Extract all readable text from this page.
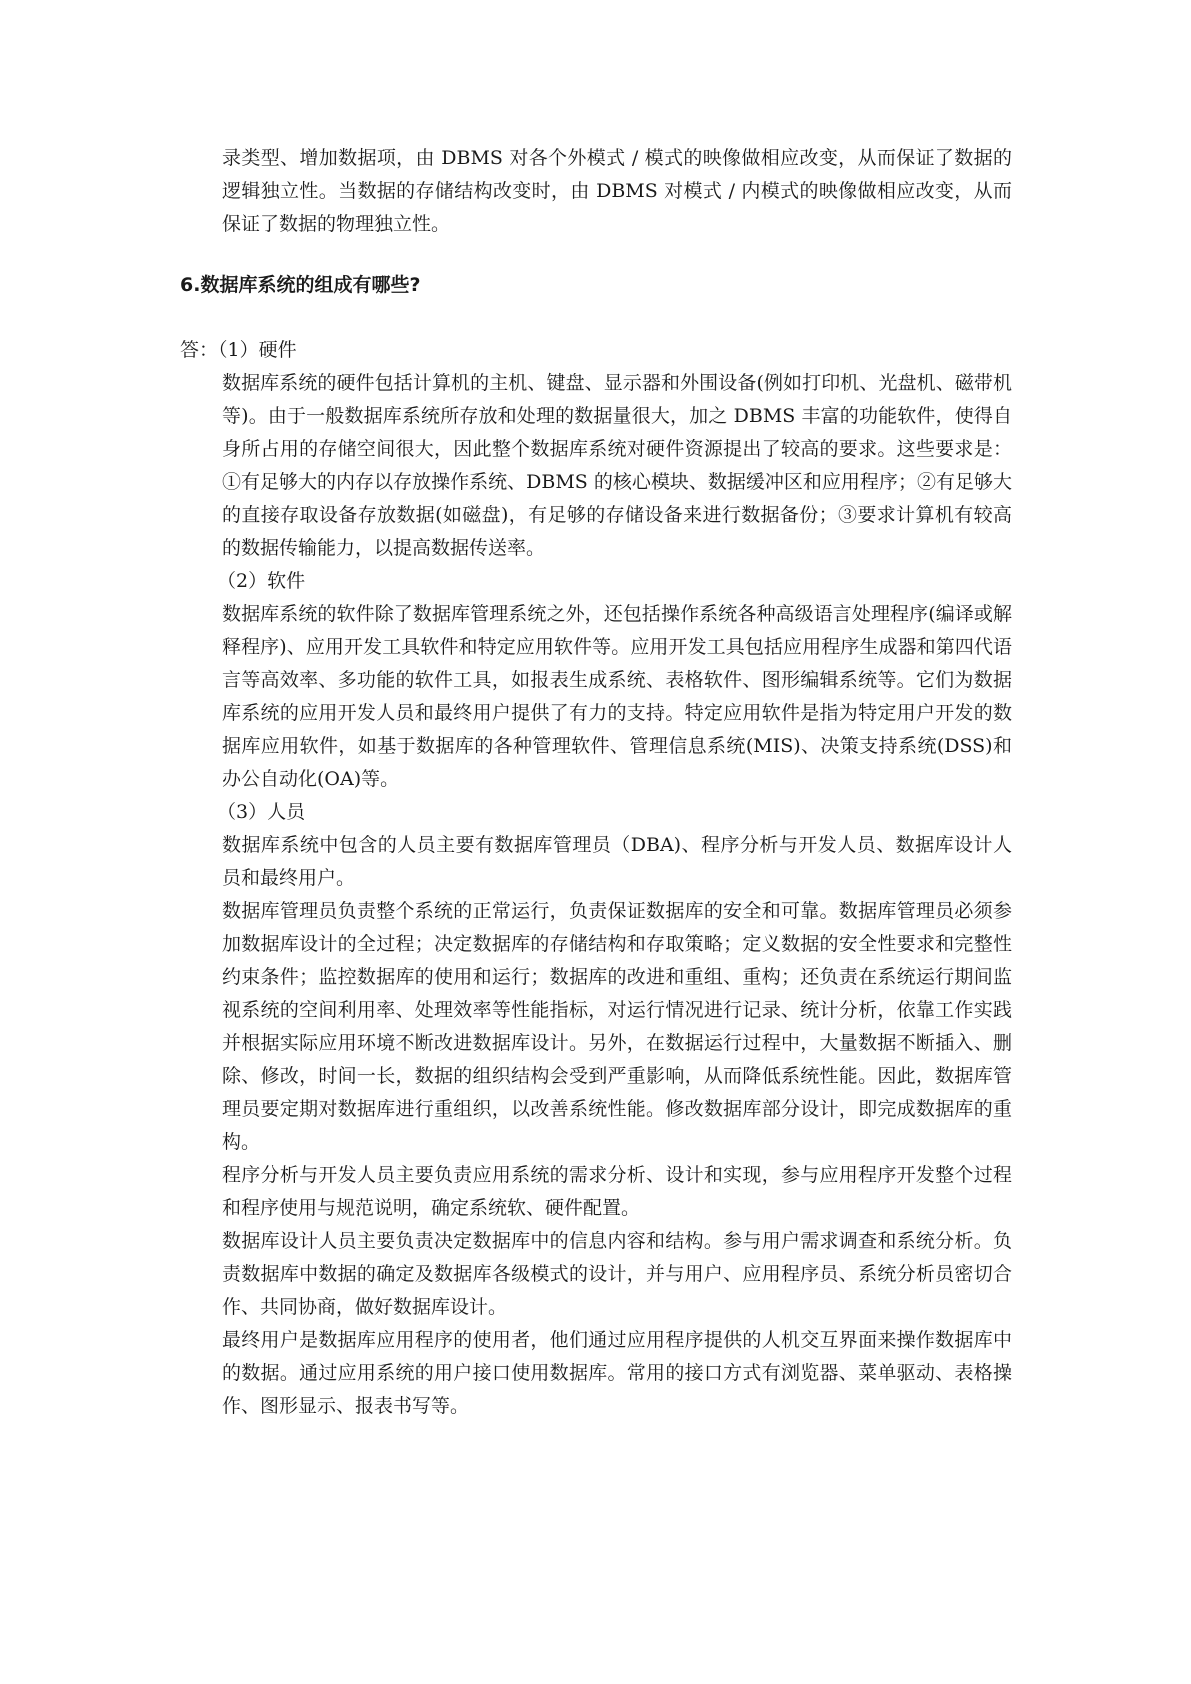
录类型、增加数据项，由 DBMS 对各个外模式 / 模式的映像做相应改变，从而保证了数据的逻辑独立性。当数据的存储结构改变时，由 DBMS 对模式 / 内模式的映像做相应改变，从而保证了数据的物理独立性。

6.数据库系统的组成有哪些?

答：（1）硬件

数据库系统的硬件包括计算机的主机、键盘、显示器和外围设备(例如打印机、光盘机、磁带机等)。由于一般数据库系统所存放和处理的数据量很大，加之 DBMS 丰富的功能软件，使得自身所占用的存储空间很大，因此整个数据库系统对硬件资源提出了较高的要求。这些要求是：①有足够大的内存以存放操作系统、DBMS 的核心模块、数据缓冲区和应用程序；②有足够大的直接存取设备存放数据(如磁盘)，有足够的存储设备来进行数据备份；③要求计算机有较高的数据传输能力，以提高数据传送率。

（2）软件

数据库系统的软件除了数据库管理系统之外，还包括操作系统各种高级语言处理程序(编译或解释程序)、应用开发工具软件和特定应用软件等。应用开发工具包括应用程序生成器和第四代语言等高效率、多功能的软件工具，如报表生成系统、表格软件、图形编辑系统等。它们为数据库系统的应用开发人员和最终用户提供了有力的支持。特定应用软件是指为特定用户开发的数据库应用软件，如基于数据库的各种管理软件、管理信息系统(MIS)、决策支持系统(DSS)和办公自动化(OA)等。

（3）人员

数据库系统中包含的人员主要有数据库管理员（DBA)、程序分析与开发人员、数据库设计人员和最终用户。

数据库管理员负责整个系统的正常运行，负责保证数据库的安全和可靠。数据库管理员必须参加数据库设计的全过程；决定数据库的存储结构和存取策略；定义数据的安全性要求和完整性约束条件；监控数据库的使用和运行；数据库的改进和重组、重构；还负责在系统运行期间监视系统的空间利用率、处理效率等性能指标，对运行情况进行记录、统计分析，依靠工作实践并根据实际应用环境不断改进数据库设计。另外，在数据运行过程中，大量数据不断插入、删除、修改，时间一长，数据的组织结构会受到严重影响，从而降低系统性能。因此，数据库管理员要定期对数据库进行重组织，以改善系统性能。修改数据库部分设计，即完成数据库的重构。

程序分析与开发人员主要负责应用系统的需求分析、设计和实现，参与应用程序开发整个过程和程序使用与规范说明，确定系统软、硬件配置。

数据库设计人员主要负责决定数据库中的信息内容和结构。参与用户需求调查和系统分析。负责数据库中数据的确定及数据库各级模式的设计，并与用户、应用程序员、系统分析员密切合作、共同协商，做好数据库设计。

最终用户是数据库应用程序的使用者，他们通过应用程序提供的人机交互界面来操作数据库中的数据。通过应用系统的用户接口使用数据库。常用的接口方式有浏览器、菜单驱动、表格操作、图形显示、报表书写等。
